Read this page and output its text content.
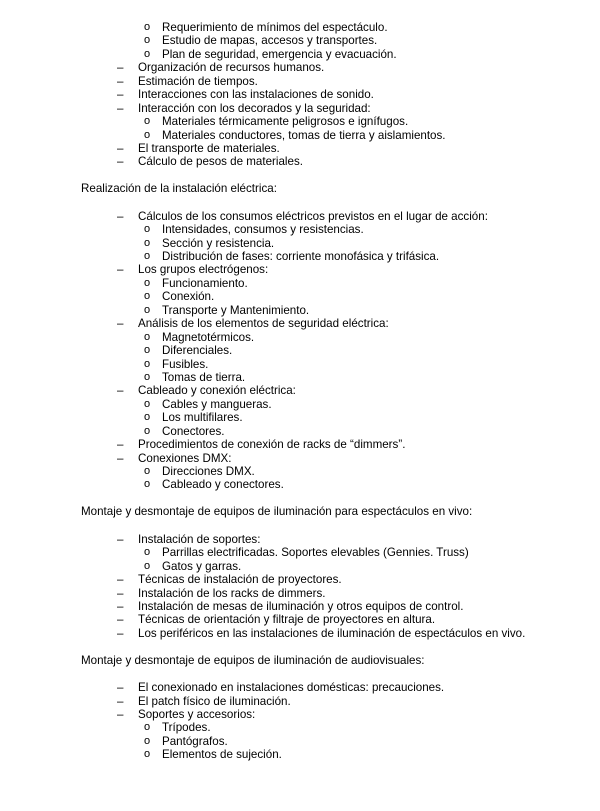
o Requerimiento de mínimos del espectáculo.
o Estudio de mapas, accesos y transportes.
o Plan de seguridad, emergencia y evacuación.
– Organización de recursos humanos.
– Estimación de tiempos.
– Interacciones con las instalaciones de sonido.
– Interacción con los decorados y la seguridad:
o Materiales térmicamente peligrosos e ignífugos.
o Materiales conductores, tomas de tierra y aislamientos.
– El transporte de materiales.
– Cálculo de pesos de materiales.
Realización de la instalación eléctrica:
– Cálculos de los consumos eléctricos previstos en el lugar de acción:
o Intensidades, consumos y resistencias.
o Sección y resistencia.
o Distribución de fases: corriente monofásica y trifásica.
– Los grupos electrógenos:
o Funcionamiento.
o Conexión.
o Transporte y Mantenimiento.
– Análisis de los elementos de seguridad eléctrica:
o Magnetotérmicos.
o Diferenciales.
o Fusibles.
o Tomas de tierra.
– Cableado y conexión eléctrica:
o Cables y mangueras.
o Los multifilares.
o Conectores.
– Procedimientos de conexión de racks de “dimmers”.
– Conexiones DMX:
o Direcciones DMX.
o Cableado y conectores.
Montaje y desmontaje de equipos de iluminación para espectáculos en vivo:
– Instalación de soportes:
o Parrillas electrificadas. Soportes elevables (Gennies. Truss)
o Gatos y garras.
– Técnicas de instalación de proyectores.
– Instalación de los racks de dimmers.
– Instalación de mesas de iluminación y otros equipos de control.
– Técnicas de orientación y filtraje de proyectores en altura.
– Los periféricos en las instalaciones de iluminación de espectáculos en vivo.
Montaje y desmontaje de equipos de iluminación de audiovisuales:
– El conexionado en instalaciones domésticas: precauciones.
– El patch físico de iluminación.
– Soportes y accesorios:
o Trípodes.
o Pantógrafos.
o Elementos de sujeción.
